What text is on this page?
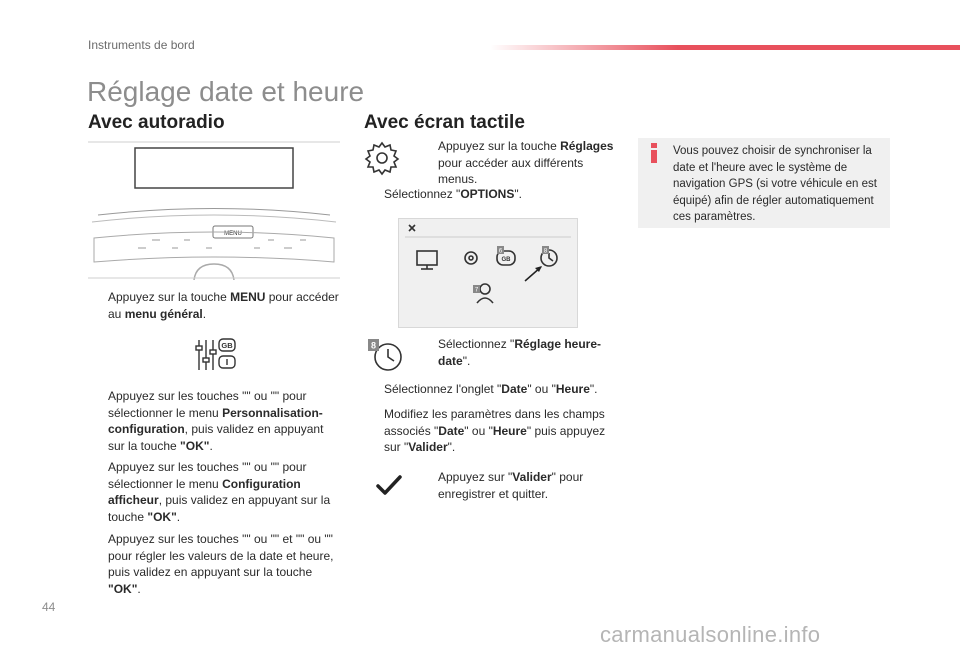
Instruments de bord
Réglage date et heure
Avec autoradio
MENU
Appuyez sur la touche MENU pour accéder au menu général.
GB
Appuyez sur les touches "" ou "" pour sélectionner le menu Personnalisation-configuration, puis validez en appuyant sur la touche "OK".
Appuyez sur les touches "" ou "" pour sélectionner le menu Configuration afficheur, puis validez en appuyant sur la touche "OK".
Appuyez sur les touches "" ou "" et "" ou "" pour régler les valeurs de la date et heure, puis validez en appuyant sur la touche "OK".
Avec écran tactile
Appuyez sur la touche Réglages pour accéder aux différents menus.
Sélectionnez "OPTIONS".
GB
6	8
7
8	Sélectionnez "Réglage heure-date".
Sélectionnez l'onglet "Date" ou "Heure".
Modifiez les paramètres dans les champs associés "Date" ou "Heure" puis appuyez sur "Valider".
Appuyez sur "Valider" pour enregistrer et quitter.
Vous pouvez choisir de synchroniser la date et l'heure avec le système de navigation GPS (si votre véhicule en est équipé) afin de régler automatiquement ces paramètres.
44
carmanualsonline.info
